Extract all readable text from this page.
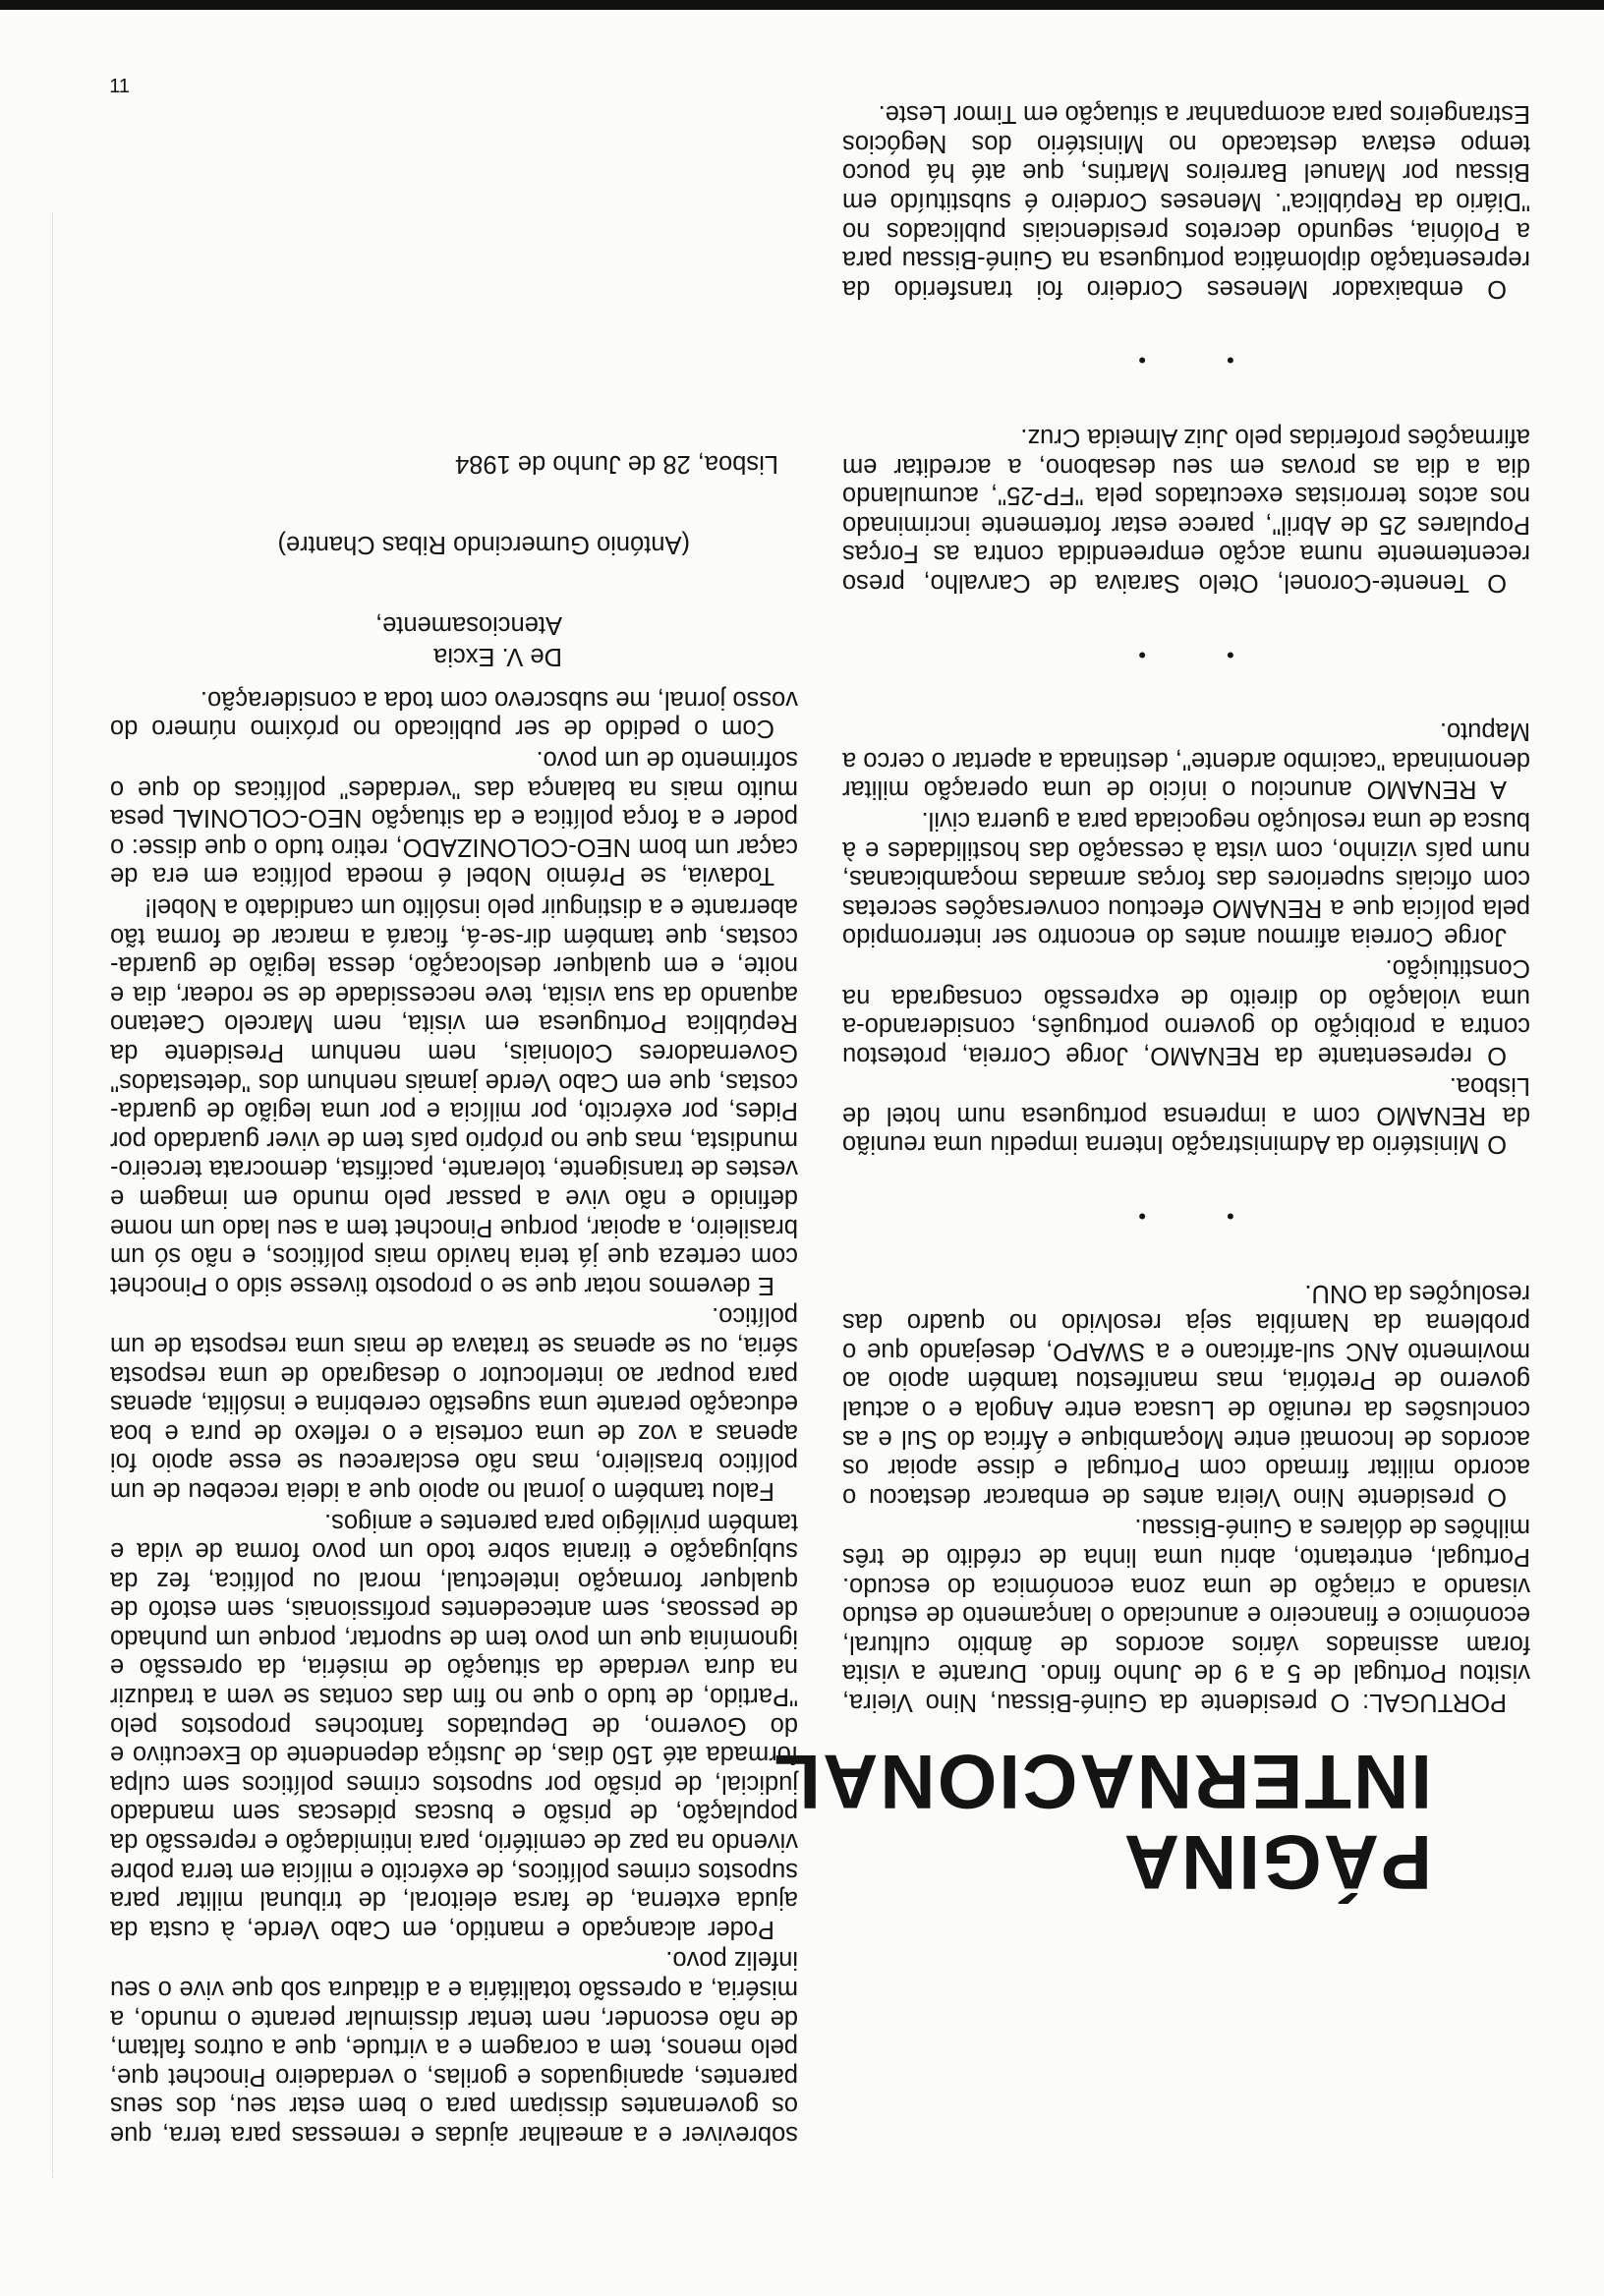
PÁGINA
INTERNACIONAL

PORTUGAL: O presidente da Guiné-Bissau, Nino Vieira, visitou Portugal de 5 a 9 de Junho findo. Durante a visita foram assinados vários acordos de âmbito cultural, económico e financeiro e anunciado o lançamento de estudo visando a criação de uma zona económica do escudo. Portugal, entretanto, abriu uma linha de crédito de três milhões de dólares a Guiné-Bissau.

O presidente Nino Vieira antes de embarcar destacou o acordo militar firmado com Portugal e disse apoiar os acordos de Incomati entre Moçambique e África do Sul e as conclusões da reunião de Lusaca entre Angola e o actual governo de Pretória, mas manifestou também apoio ao movimento ANC sul-africano e a SWAPO, desejando que o problema da Namíbia seja resolvido no quadro das resoluções da ONU.

• •

O Ministério da Administração Interna impediu uma reunião da RENAMO com a imprensa portuguesa num hotel de Lisboa.

O representante da RENAMO, Jorge Correia, protestou contra a proibição do governo português, considerando-a uma violação do direito de expressão consagrada na Constituição.

Jorge Correia afirmou antes do encontro ser interrompido pela polícia que a RENAMO efectuou conversações secretas com oficiais superiores das forças armadas moçambicanas, num país vizinho, com vista à cessação das hostilidades e à busca de uma resolução negociada para a guerra civil.

A RENAMO anunciou o início de uma operação militar denominada "cacimbo ardente", destinada a apertar o cerco a Maputo.

• •

O Tenente-Coronel, Otelo Saraiva de Carvalho, preso recentemente numa acção empreendida contra as Forças Populares 25 de Abril", parece estar fortemente incriminado nos actos terroristas executados pela "FP-25", acumulando dia a dia as provas em seu desabono, a acreditar em afirmações proferidas pelo Juiz Almeida Cruz.

• •

O embaixador Meneses Cordeiro foi transferido da representação diplomática portuguesa na Guiné-Bissau para a Polónia, segundo decretos presidenciais publicados no "Diário da República". Meneses Cordeiro é substituído em Bissau por Manuel Barreiros Martins, que até há pouco tempo estava destacado no Ministério dos Negócios Estrangeiros para acompanhar a situação em Timor Leste.

sobreviver e a amealhar ajudas e remessas para terra, que os governantes dissipam para o bem estar seu, dos seus parentes, apaniguados e gorilas, o verdadeiro Pinochet que, pelo menos, tem a coragem e a virtude, que a outros faltam, de não esconder, nem tentar dissimular perante o mundo, a miséria, a opressão totalitária e a ditadura sob que vive o seu infeliz povo.

Poder alcançado e mantido, em Cabo Verde, à custa da ajuda externa, de farsa eleitoral, de tribunal militar para supostos crimes políticos, de exército e milícia em terra pobre vivendo na paz de cemitério, para intimidação e repressão da população, de prisão e buscas pidescas sem mandado judicial, de prisão por supostos crimes políticos sem culpa formada até 150 dias, de Justiça dependente do Executivo e do Governo, de Deputados fantoches propostos pelo "Partido, de tudo o que no fim das contas se vem a traduzir na dura verdade da situação de miséria, da opressão e ignomínia que um povo tem de suportar, porque um punhado de pessoas, sem antecedentes profissionais, sem estofo de qualquer formação intelectual, moral ou política, fez da subjugação e tirania sobre todo um povo forma de vida e também privilégio para parentes e amigos.

Falou também o jornal no apoio que a ideia recebeu de um político brasileiro, mas não esclareceu se esse apoio foi apenas a voz de uma cortesia e o reflexo de pura e boa educação perante uma sugestão cerebrina e insólita, apenas para poupar ao interlocutor o desagrado de uma resposta séria, ou se apenas se tratava de mais uma resposta de um político.

E devemos notar que se o proposto tivesse sido o Pinochet com certeza que já teria havido mais políticos, e não só um brasileiro, a apoiar, porque Pinochet tem a seu lado um nome definido e não vive a passar pelo mundo em imagem e vestes de transigente, tolerante, pacifista, democrata terceiro-mundista, mas que no próprio país tem de viver guardado por Pides, por exército, por milícia e por uma legião de guarda-costas, que em Cabo Verde jamais nenhum dos "detestados" Governadores Coloniais, nem nenhum Presidente da República Portuguesa em visita, nem Marcelo Caetano aquando da sua visita, teve necessidade de se rodear, dia e noite, e em qualquer deslocação, dessa legião de guarda-costas, que também dir-se-á, ficará a marcar de forma tão aberrante e a distinguir pelo insólito um candidato a Nobel!

Todavia, se Prémio Nobel é moeda política em era de caçar um bom NEO-COLONIZADO, retiro tudo o que disse: o poder e a força política e da situação NEO-COLONIAL pesa muito mais na balança das "verdades" políticas do que o sofrimento de um povo.

Com o pedido de ser publicado no próximo número do vosso jornal, me subscrevo com toda a consideração.

De V. Excia
Atenciosamente,
(António Gumercindo Ribas Chantre)
Lisboa, 28 de Junho de 1984
11
